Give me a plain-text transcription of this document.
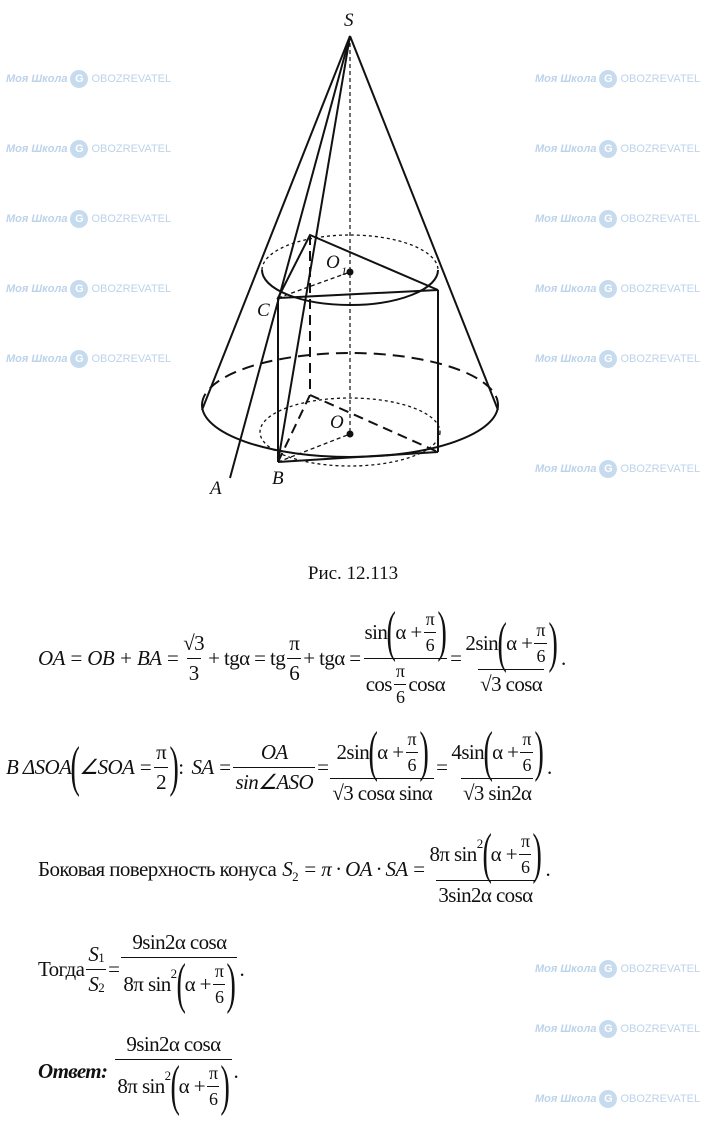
Моя Школа G OBOZREVATEL
Моя Школа G OBOZREVATEL
Моя Школа G OBOZREVATEL
Моя Школа G OBOZREVATEL
Моя Школа G OBOZREVATEL
Моя Школа G OBOZREVATEL
Моя Школа G OBOZREVATEL
Моя Школа G OBOZREVATEL
Моя Школа G OBOZREVATEL
Моя Школа G OBOZREVATEL
Моя Школа G OBOZREVATEL
Моя Школа G OBOZREVATEL
Моя Школа G OBOZREVATEL
Моя Школа G OBOZREVATEL
S
O 1
C
O
B
A
Рис. 12.113
OA = OB + BA = $\frac{√3}{3} + tg\alpha$ = tg $\frac{\pi}{6} + tg\alpha = \sin$ ( $\alpha + \frac{\pi}{6}$
)
$\cos \frac{\pi}{6}$ cosα = 2sin ( $\alpha + \frac{\pi}{6}$
)
√3 cosα .
В ΔSOA ( ∠SOA = $\frac{\pi}{2}$
) : SA = $\frac{OA}{\text{sin∠ASO}} = 2\sin$ ( $\alpha + \frac{\pi}{6}$
)
√3 cosα sinα = 4sin ( $\alpha + \frac{\pi}{6}$
)
√3 sin2α .
Боковая поверхность конуса S 2 = π · OA · SA = 8π sin 2 ( $\alpha + \frac{\pi}{6}$
)
3sin2α cosα .
Тогда $\frac{S 1}{S 2} = \frac{\text{9sin2α cosα}}{8\pi \sin 2 ( \alpha + \frac{\pi}{6}}$
) .
Ответ: $\frac{\text{9sin2α cosα}}{8\pi \sin 2 ( \alpha + \frac{\pi}{6}}$
) .
